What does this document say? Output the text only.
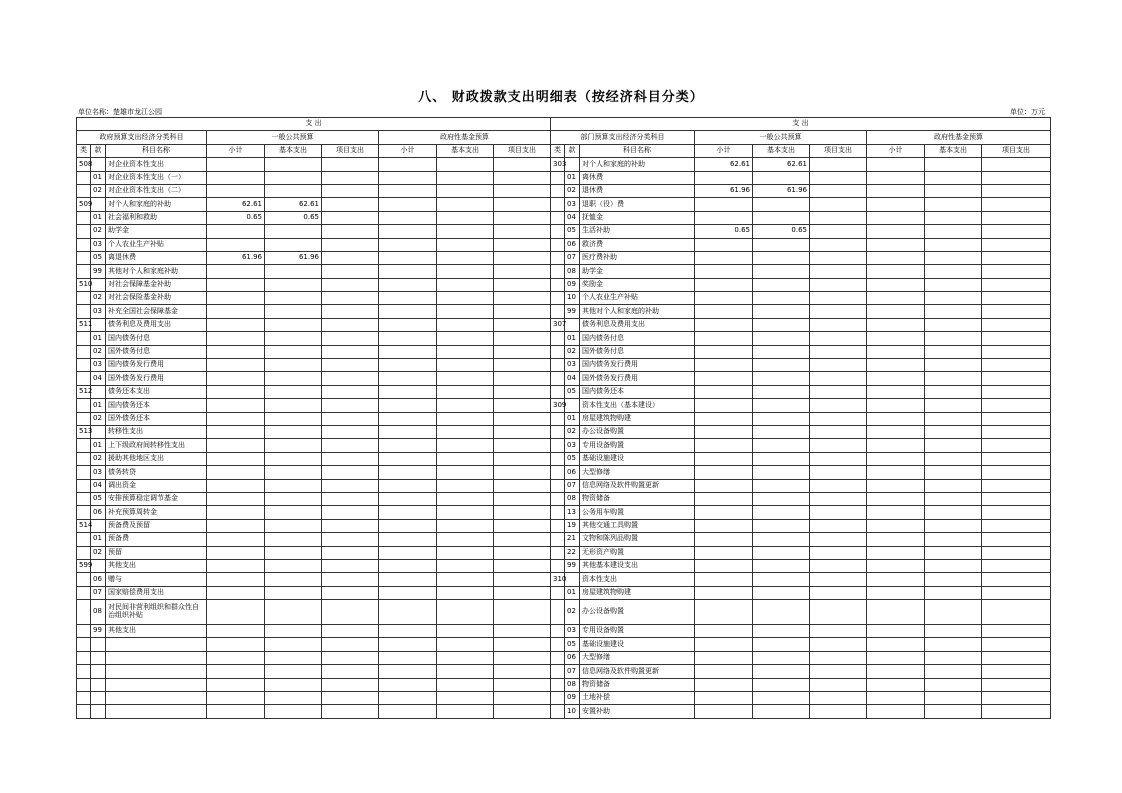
八、 财政拨款支出明细表（按经济科目分类）
单位名称：楚雄市龙江公园	单位：万元
支 出									支 出								
政府预算支出经济分类科目			一般公共预算			政府性基金预算			部门预算支出经济分类科目			一般公共预算			政府性基金预算		
类	款	科目名称	小计	基本支出	项目支出	小计	基本支出	项目支出	类	款	科目名称	小计	基本支出	项目支出	小计	基本支出	项目支出
508		对企业资本性支出							303		对个人和家庭的补助	62.61	62.61				
	01	对企业资本性支出（一）								01	离休费						
	02	对企业资本性支出（二）								02	退休费	61.96	61.96				
509		对个人和家庭的补助	62.61	62.61						03	退职（役）费						
	01	社会福利和救助	0.65	0.65						04	抚恤金						
	02	助学金								05	生活补助	0.65	0.65				
	03	个人农业生产补贴								06	救济费						
	05	离退休费	61.96	61.96						07	医疗费补助						
	99	其他对个人和家庭补助								08	助学金						
510		对社会保障基金补助								09	奖励金						
	02	对社会保险基金补助								10	个人农业生产补贴						
	03	补充全国社会保障基金								99	其他对个人和家庭的补助						
511		债务利息及费用支出							307		债务利息及费用支出						
	01	国内债务付息								01	国内债务付息						
	02	国外债务付息								02	国外债务付息						
	03	国内债务发行费用								03	国内债务发行费用						
	04	国外债务发行费用								04	国外债务发行费用						
512		债务还本支出								05	国内债务还本						
	01	国内债务还本							309		资本性支出（基本建设）						
	02	国外债务还本								01	房屋建筑物购建						
513		转移性支出								02	办公设备购置						
	01	上下级政府间转移性支出								03	专用设备购置						
	02	援助其他地区支出								05	基础设施建设						
	03	债务转贷								06	大型修缮						
	04	调出资金								07	信息网络及软件购置更新						
	05	安排预算稳定调节基金								08	物资储备						
	06	补充预算周转金								13	公务用车购置						
514		预备费及预留								19	其他交通工具购置						
	01	预备费								21	文物和陈列品购置						
	02	预留								22	无形资产购置						
599		其他支出								99	其他基本建设支出						
	06	赠与							310		资本性支出						
	07	国家赔偿费用支出								01	房屋建筑物购建						
	08	对民间非营利组织和群众性自治组织补贴								02	办公设备购置						
	99	其他支出								03	专用设备购置						
										05	基础设施建设						
										06	大型修缮						
										07	信息网络及软件购置更新						
										08	物资储备						
										09	土地补偿						
										10	安置补助						
